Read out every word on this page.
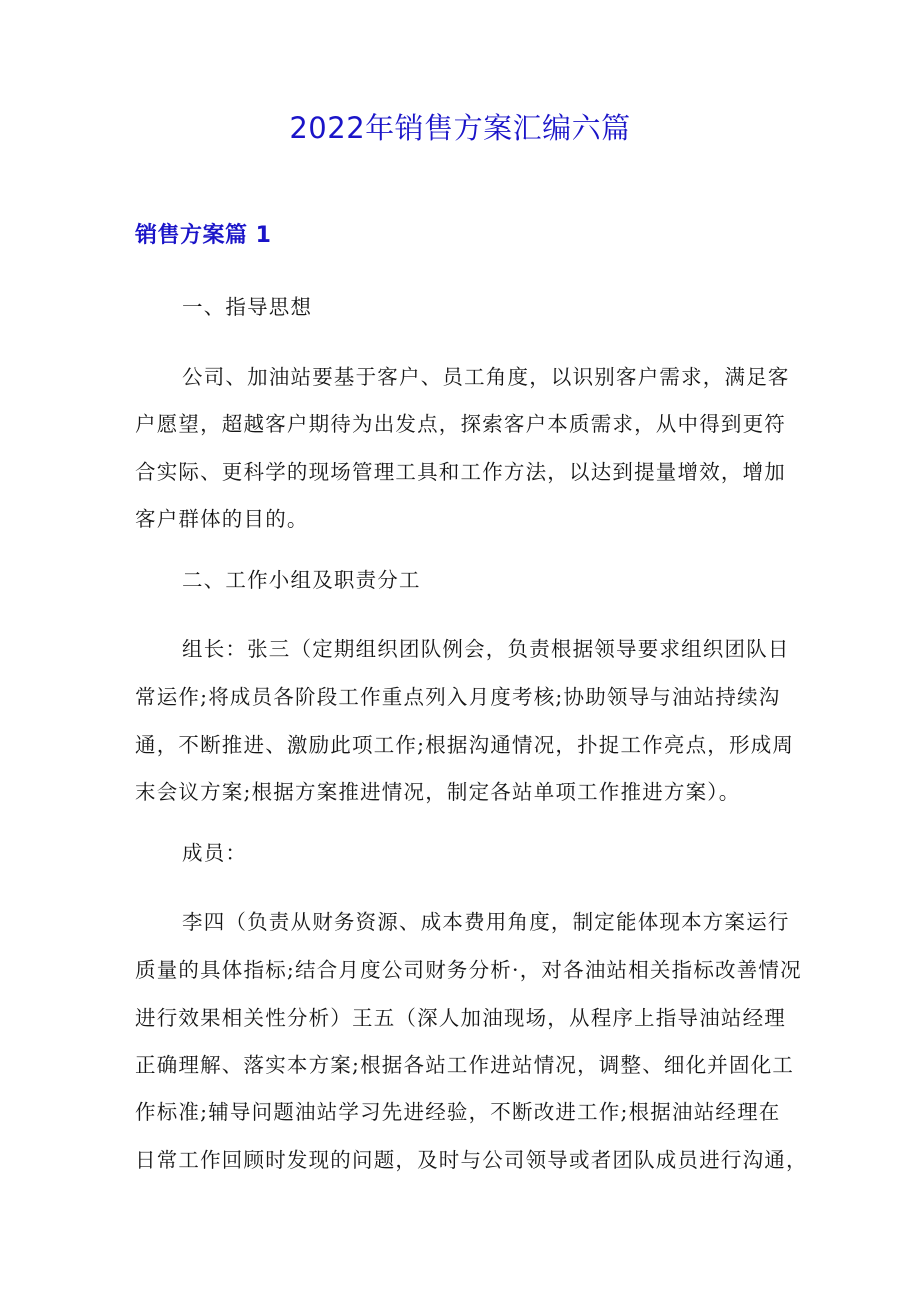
2022年销售方案汇编六篇
销售方案篇 1
一、指导思想
公司、加油站要基于客户、员工角度，以识别客户需求，满足客
户愿望，超越客户期待为出发点，探索客户本质需求，从中得到更符
合实际、更科学的现场管理工具和工作方法，以达到提量增效，增加
客户群体的目的。
二、工作小组及职责分工
组长：张三（定期组织团队例会，负责根据领导要求组织团队日
常运作;将成员各阶段工作重点列入月度考核;协助领导与油站持续沟
通，不断推进、激励此项工作;根据沟通情况，扑捉工作亮点，形成周
末会议方案;根据方案推进情况，制定各站单项工作推进方案）。
成员：
李四（负责从财务资源、成本费用角度，制定能体现本方案运行
质量的具体指标;结合月度公司财务分析·，对各油站相关指标改善情况
进行效果相关性分析）王五（深人加油现场，从程序上指导油站经理
正确理解、落实本方案;根据各站工作进站情况，调整、细化并固化工
作标准;辅导问题油站学习先进经验，不断改进工作;根据油站经理在
日常工作回顾时发现的问题，及时与公司领导或者团队成员进行沟通，
